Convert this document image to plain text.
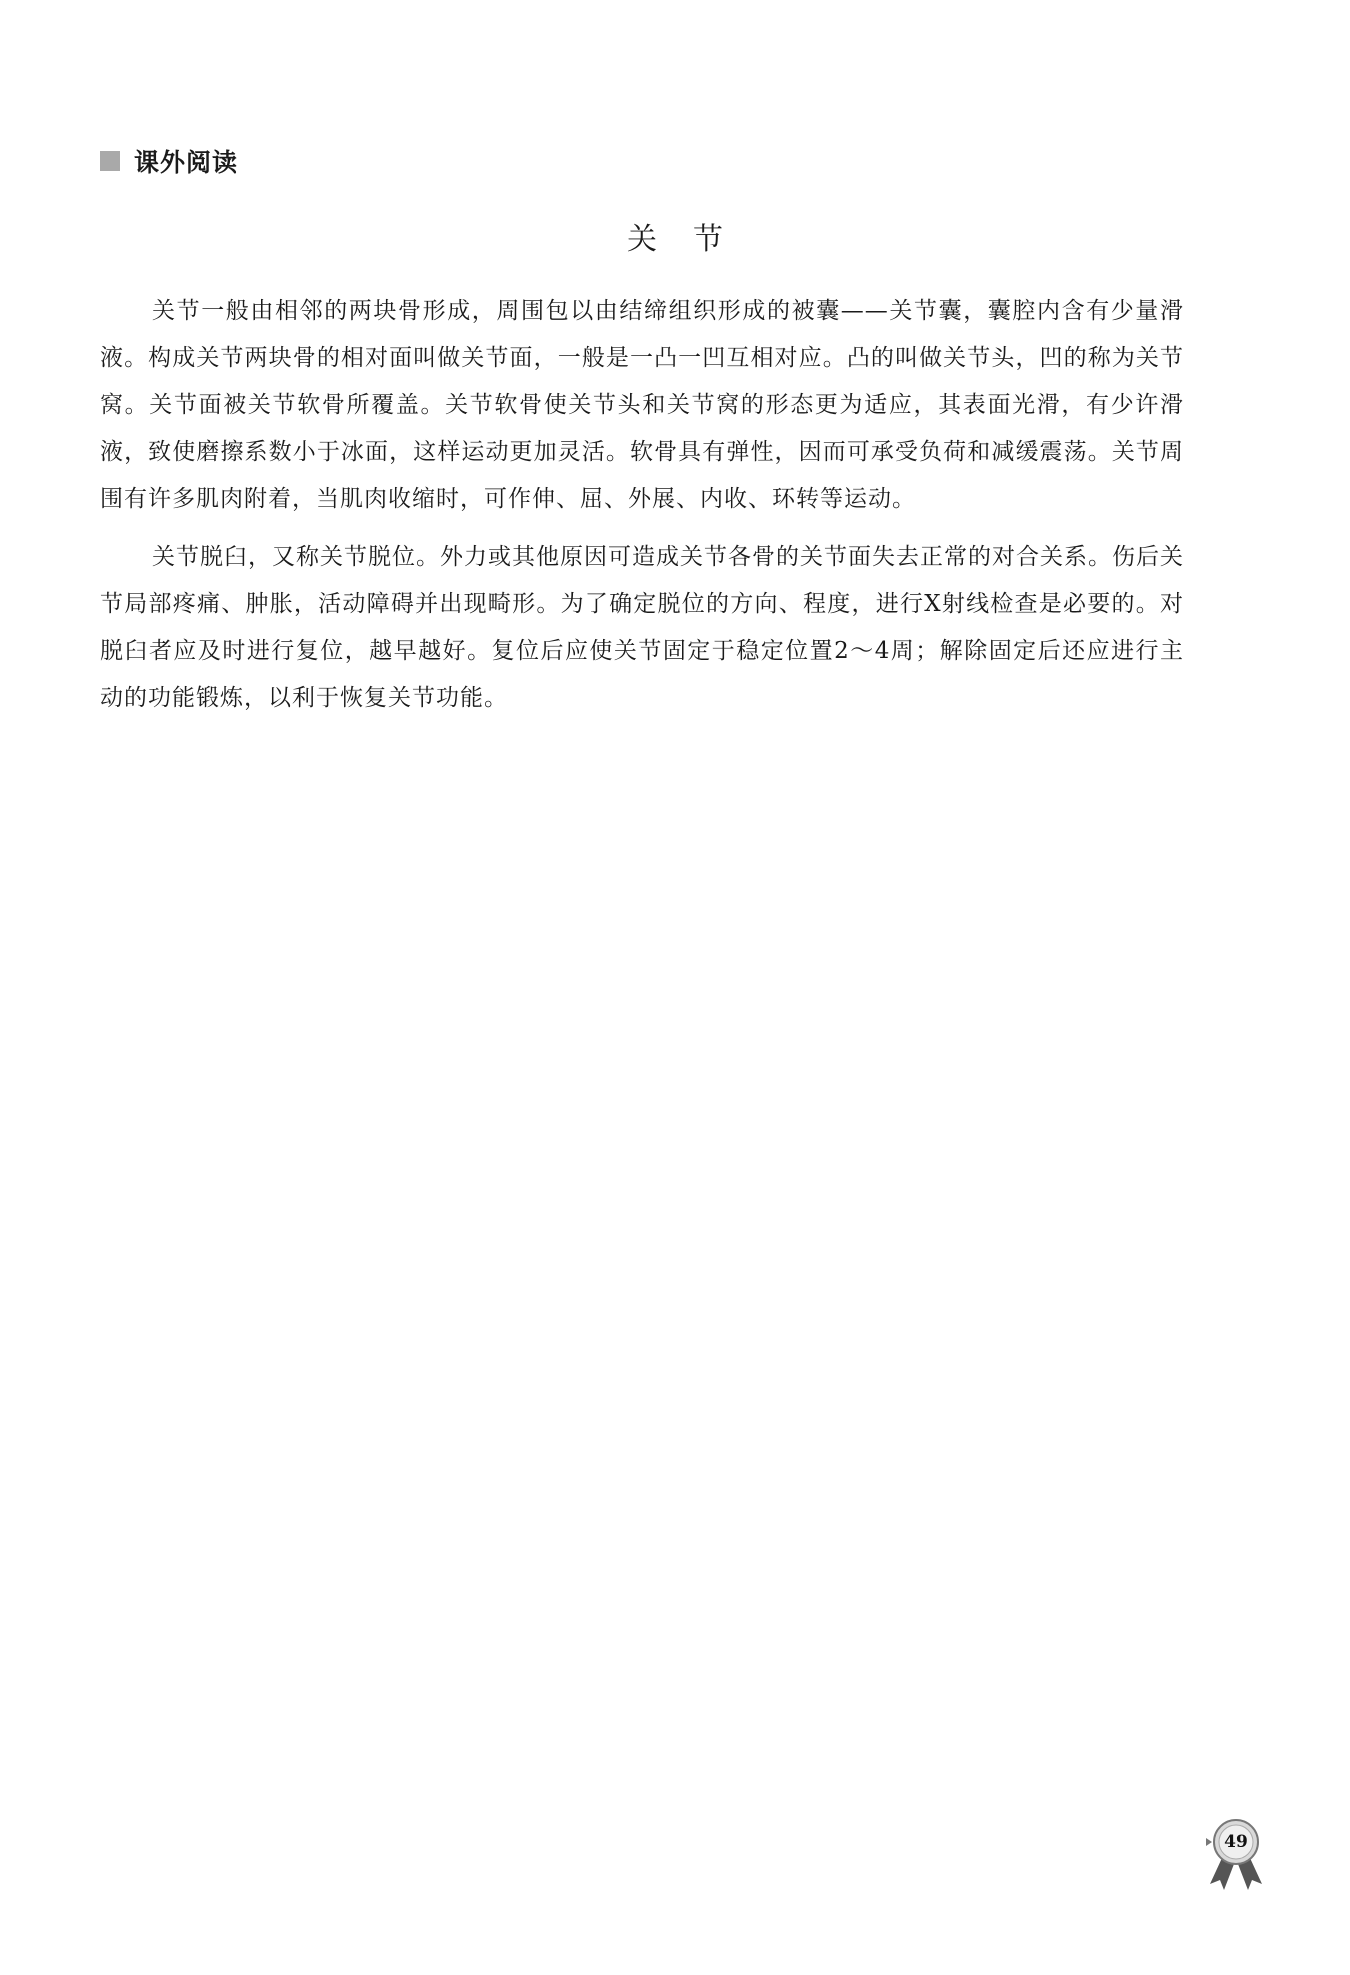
课外阅读
关节

关节一般由相邻的两块骨形成，周围包以由结缔组织形成的被囊——关节囊，囊腔内含有少量滑液。构成关节两块骨的相对面叫做关节面，一般是一凸一凹互相对应。凸的叫做关节头，凹的称为关节窝。关节面被关节软骨所覆盖。关节软骨使关节头和关节窝的形态更为适应，其表面光滑，有少许滑液，致使磨擦系数小于冰面，这样运动更加灵活。软骨具有弹性，因而可承受负荷和减缓震荡。关节周围有许多肌肉附着，当肌肉收缩时，可作伸、屈、外展、内收、环转等运动。

关节脱臼，又称关节脱位。外力或其他原因可造成关节各骨的关节面失去正常的对合关系。伤后关节局部疼痛、肿胀，活动障碍并出现畸形。为了确定脱位的方向、程度，进行X射线检查是必要的。对脱臼者应及时进行复位，越早越好。复位后应使关节固定于稳定位置2～4周；解除固定后还应进行主动的功能锻炼，以利于恢复关节功能。

49
